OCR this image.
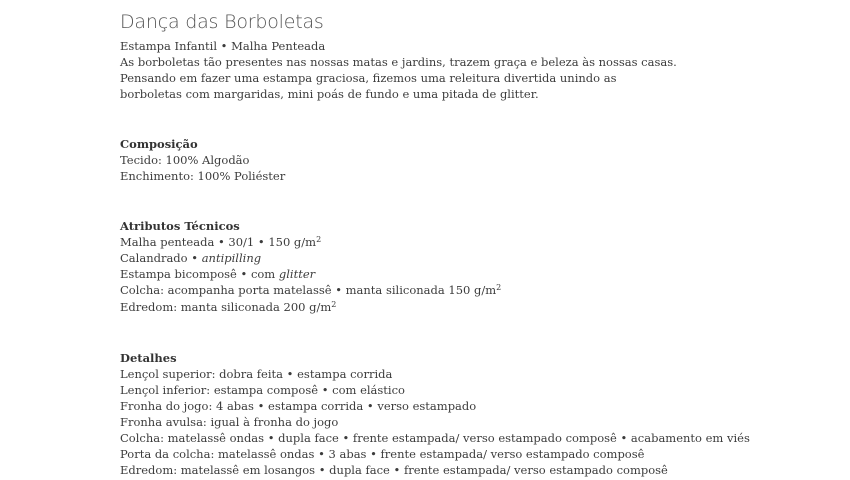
Dança das Borboletas

Estampa Infantil • Malha Penteada

As borboletas tão presentes nas nossas matas e jardins, trazem graça e beleza às nossas casas. Pensando em fazer uma estampa graciosa, fizemos uma releitura divertida unindo as borboletas com margaridas, mini poás de fundo e uma pitada de glitter.

Composição

Tecido: 100% Algodão

Enchimento: 100% Poliéster

Atributos Técnicos

Malha penteada • 30/1 • 150 $g/m^2$

Calandrado • antipilling

Estampa bicomposê • com glitter

Colcha: acompanha porta matelassê • manta siliconada 150 $g/m^2$

Edredom: manta siliconada 200 $g/m^2$

Detalhes

Lençol superior: dobra feita • estampa corrida

Lençol inferior: estampa composê • com elástico

Fronha do jogo: 4 abas • estampa corrida • verso estampado

Fronha avulsa: igual à fronha do jogo

Colcha: matelassê ondas • dupla face • frente estampada/ verso estampado composê • acabamento em viés

Porta da colcha: matelassê ondas • 3 abas • frente estampada/ verso estampado composê

Edredom: matelassê em losangos • dupla face • frente estampada/ verso estampado composê
